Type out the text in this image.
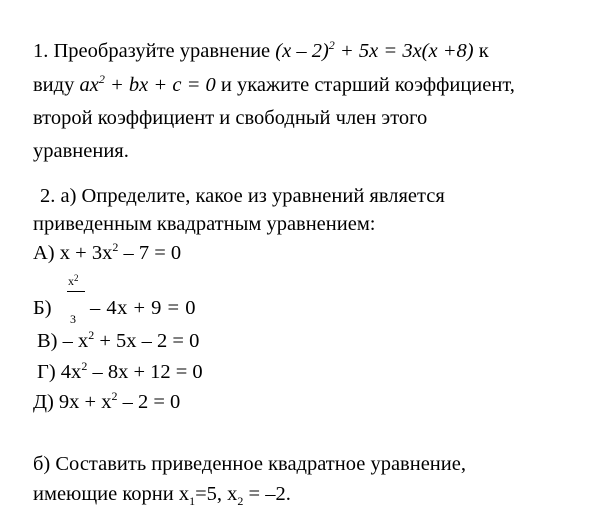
1. Преобразуйте уравнение (x – 2)$^2$ + 5x = 3x(x +8) к
виду $ax^2$ + bx + c = 0 и укажите старший коэффициент,
второй коэффициент и свободный член этого
уравнения.
2. а) Определите, какое из уравнений является
приведенным квадратным уравнением:
А) $x + 3x^2 - 7 = 0$
Б)
$x^2$
3 – 4x + 9 = 0
$В) - x^2 + 5x - 2 = 0$
Г) $4x^2 - 8x + 12 = 0$
Д) $9x + x^2 - 2 = 0$
б) Составить приведенное квадратное уравнение,
имеющие корни $x_1=5$, $x_2 = -2$.
